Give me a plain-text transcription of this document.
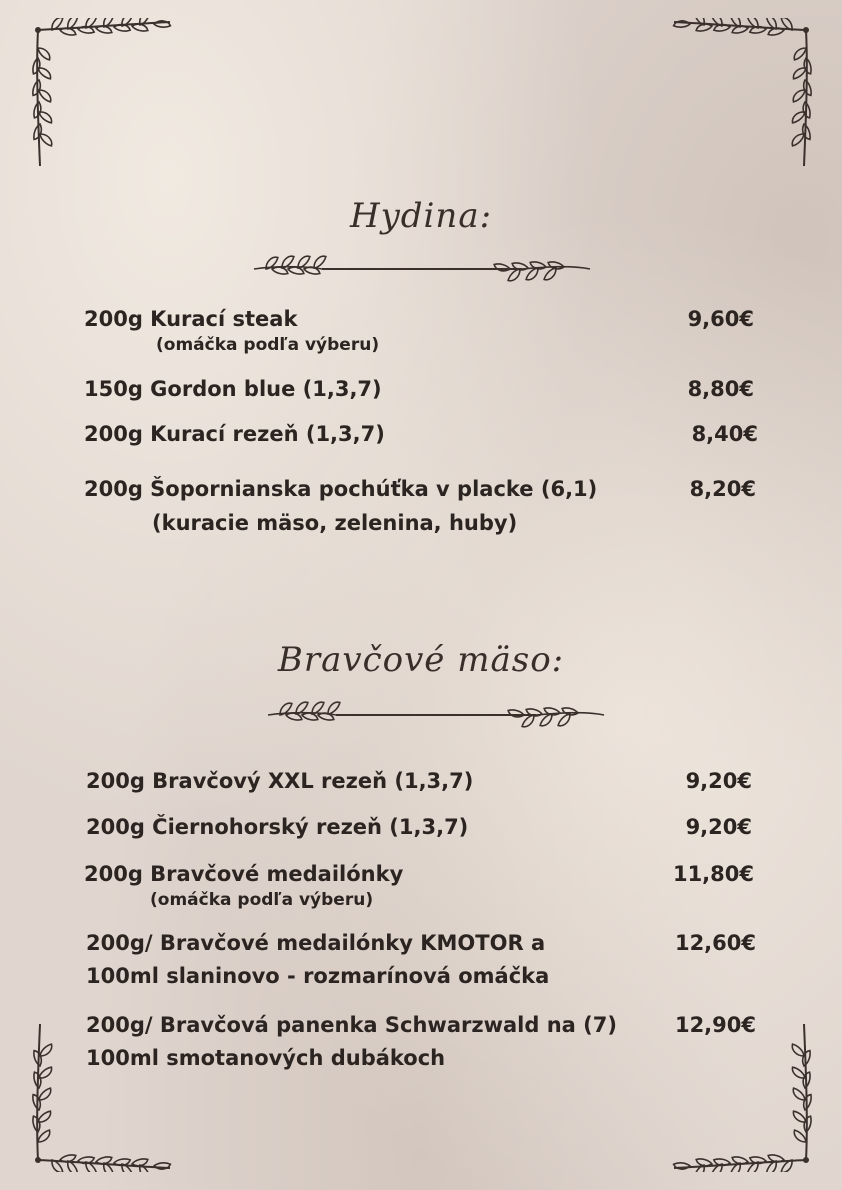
Hydina:
200g Kurací steak
(omáčka podľa výberu)
9,60€
150g Gordon blue (1,3,7)	8,80€
200g Kurací rezeň (1,3,7)	8,40€
200g Šopornianska pochúťka v placke (6,1)
(kuracie mäso, zelenina, huby)
8,20€
Bravčové mäso:
200g Bravčový XXL rezeň (1,3,7)	9,20€
200g Čiernohorský rezeň (1,3,7)	9,20€
200g Bravčové medailónky
(omáčka podľa výberu)
11,80€
200g/ Bravčové medailónky KMOTOR a
100ml slaninovo - rozmarínová omáčka
12,60€
200g/ Bravčová panenka Schwarzwald na (7)
100ml smotanových dubákoch
12,90€
